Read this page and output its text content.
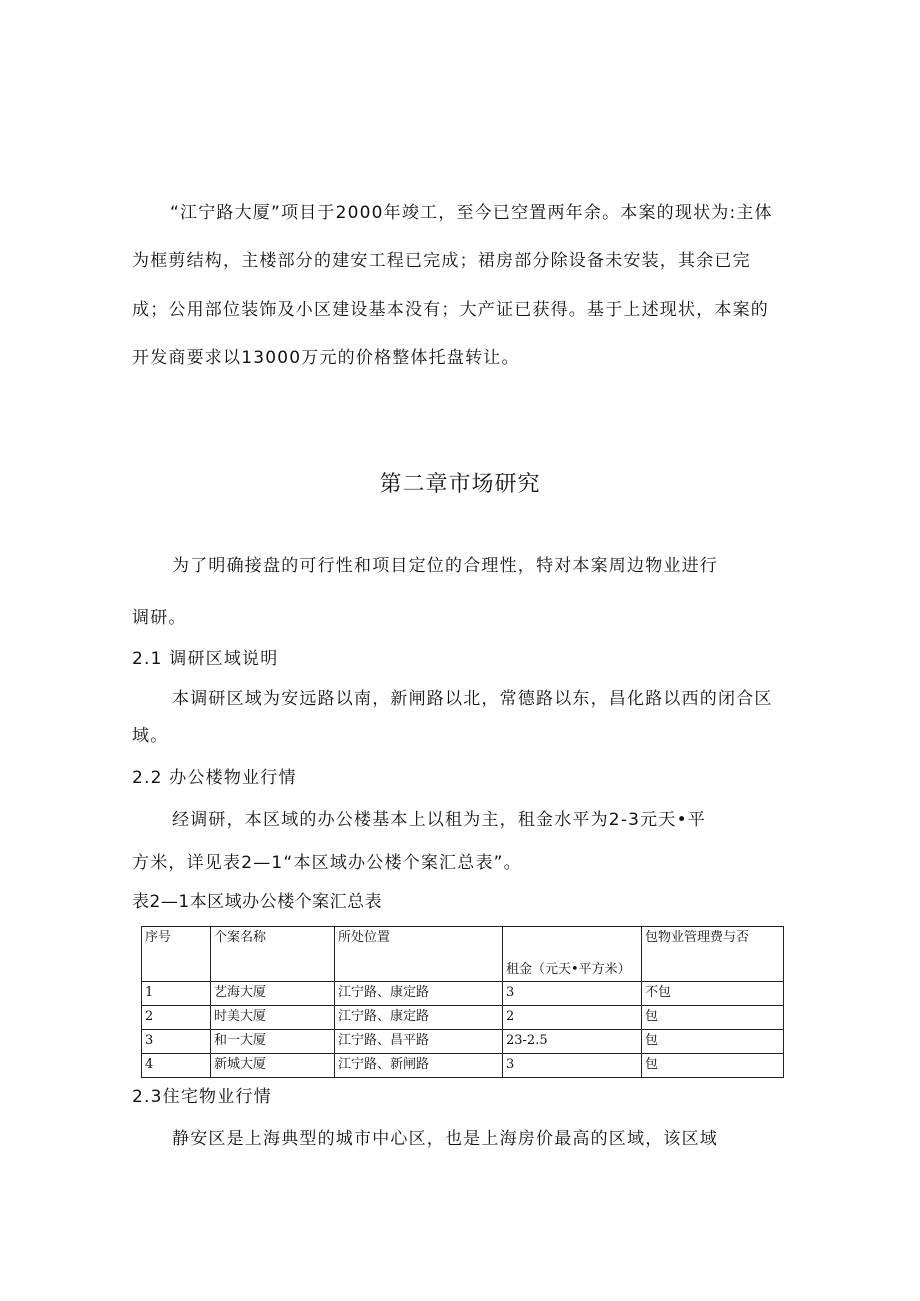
“江宁路大厦”项目于2000年竣工，至今已空置两年余。本案的现状为:主体

为框剪结构，主楼部分的建安工程已完成；裙房部分除设备未安装，其余已完

成；公用部位装饰及小区建设基本没有；大产证已获得。基于上述现状，本案的

开发商要求以13000万元的价格整体托盘转让。

第二章市场研究

为了明确接盘的可行性和项目定位的合理性，特对本案周边物业进行

调研。

2.1 调研区域说明

本调研区域为安远路以南，新闸路以北，常德路以东，昌化路以西的闭合区

域。

2.2 办公楼物业行情

经调研，本区域的办公楼基本上以租为主，租金水平为2-3元天•平

方米，详见表2—1“本区域办公楼个案汇总表”。

表2—1本区域办公楼个案汇总表

序号	个案名称	所处位置	租金（元天•平方米）	包物业管理费与否
1	艺海大厦	江宁路、康定路	3	不包
2	时美大厦	江宁路、康定路	2	包
3	和一大厦	江宁路、昌平路	23-2.5	包
4	新城大厦	江宁路、新闸路	3	包

2.3住宅物业行情

静安区是上海典型的城市中心区，也是上海房价最高的区域，该区域
